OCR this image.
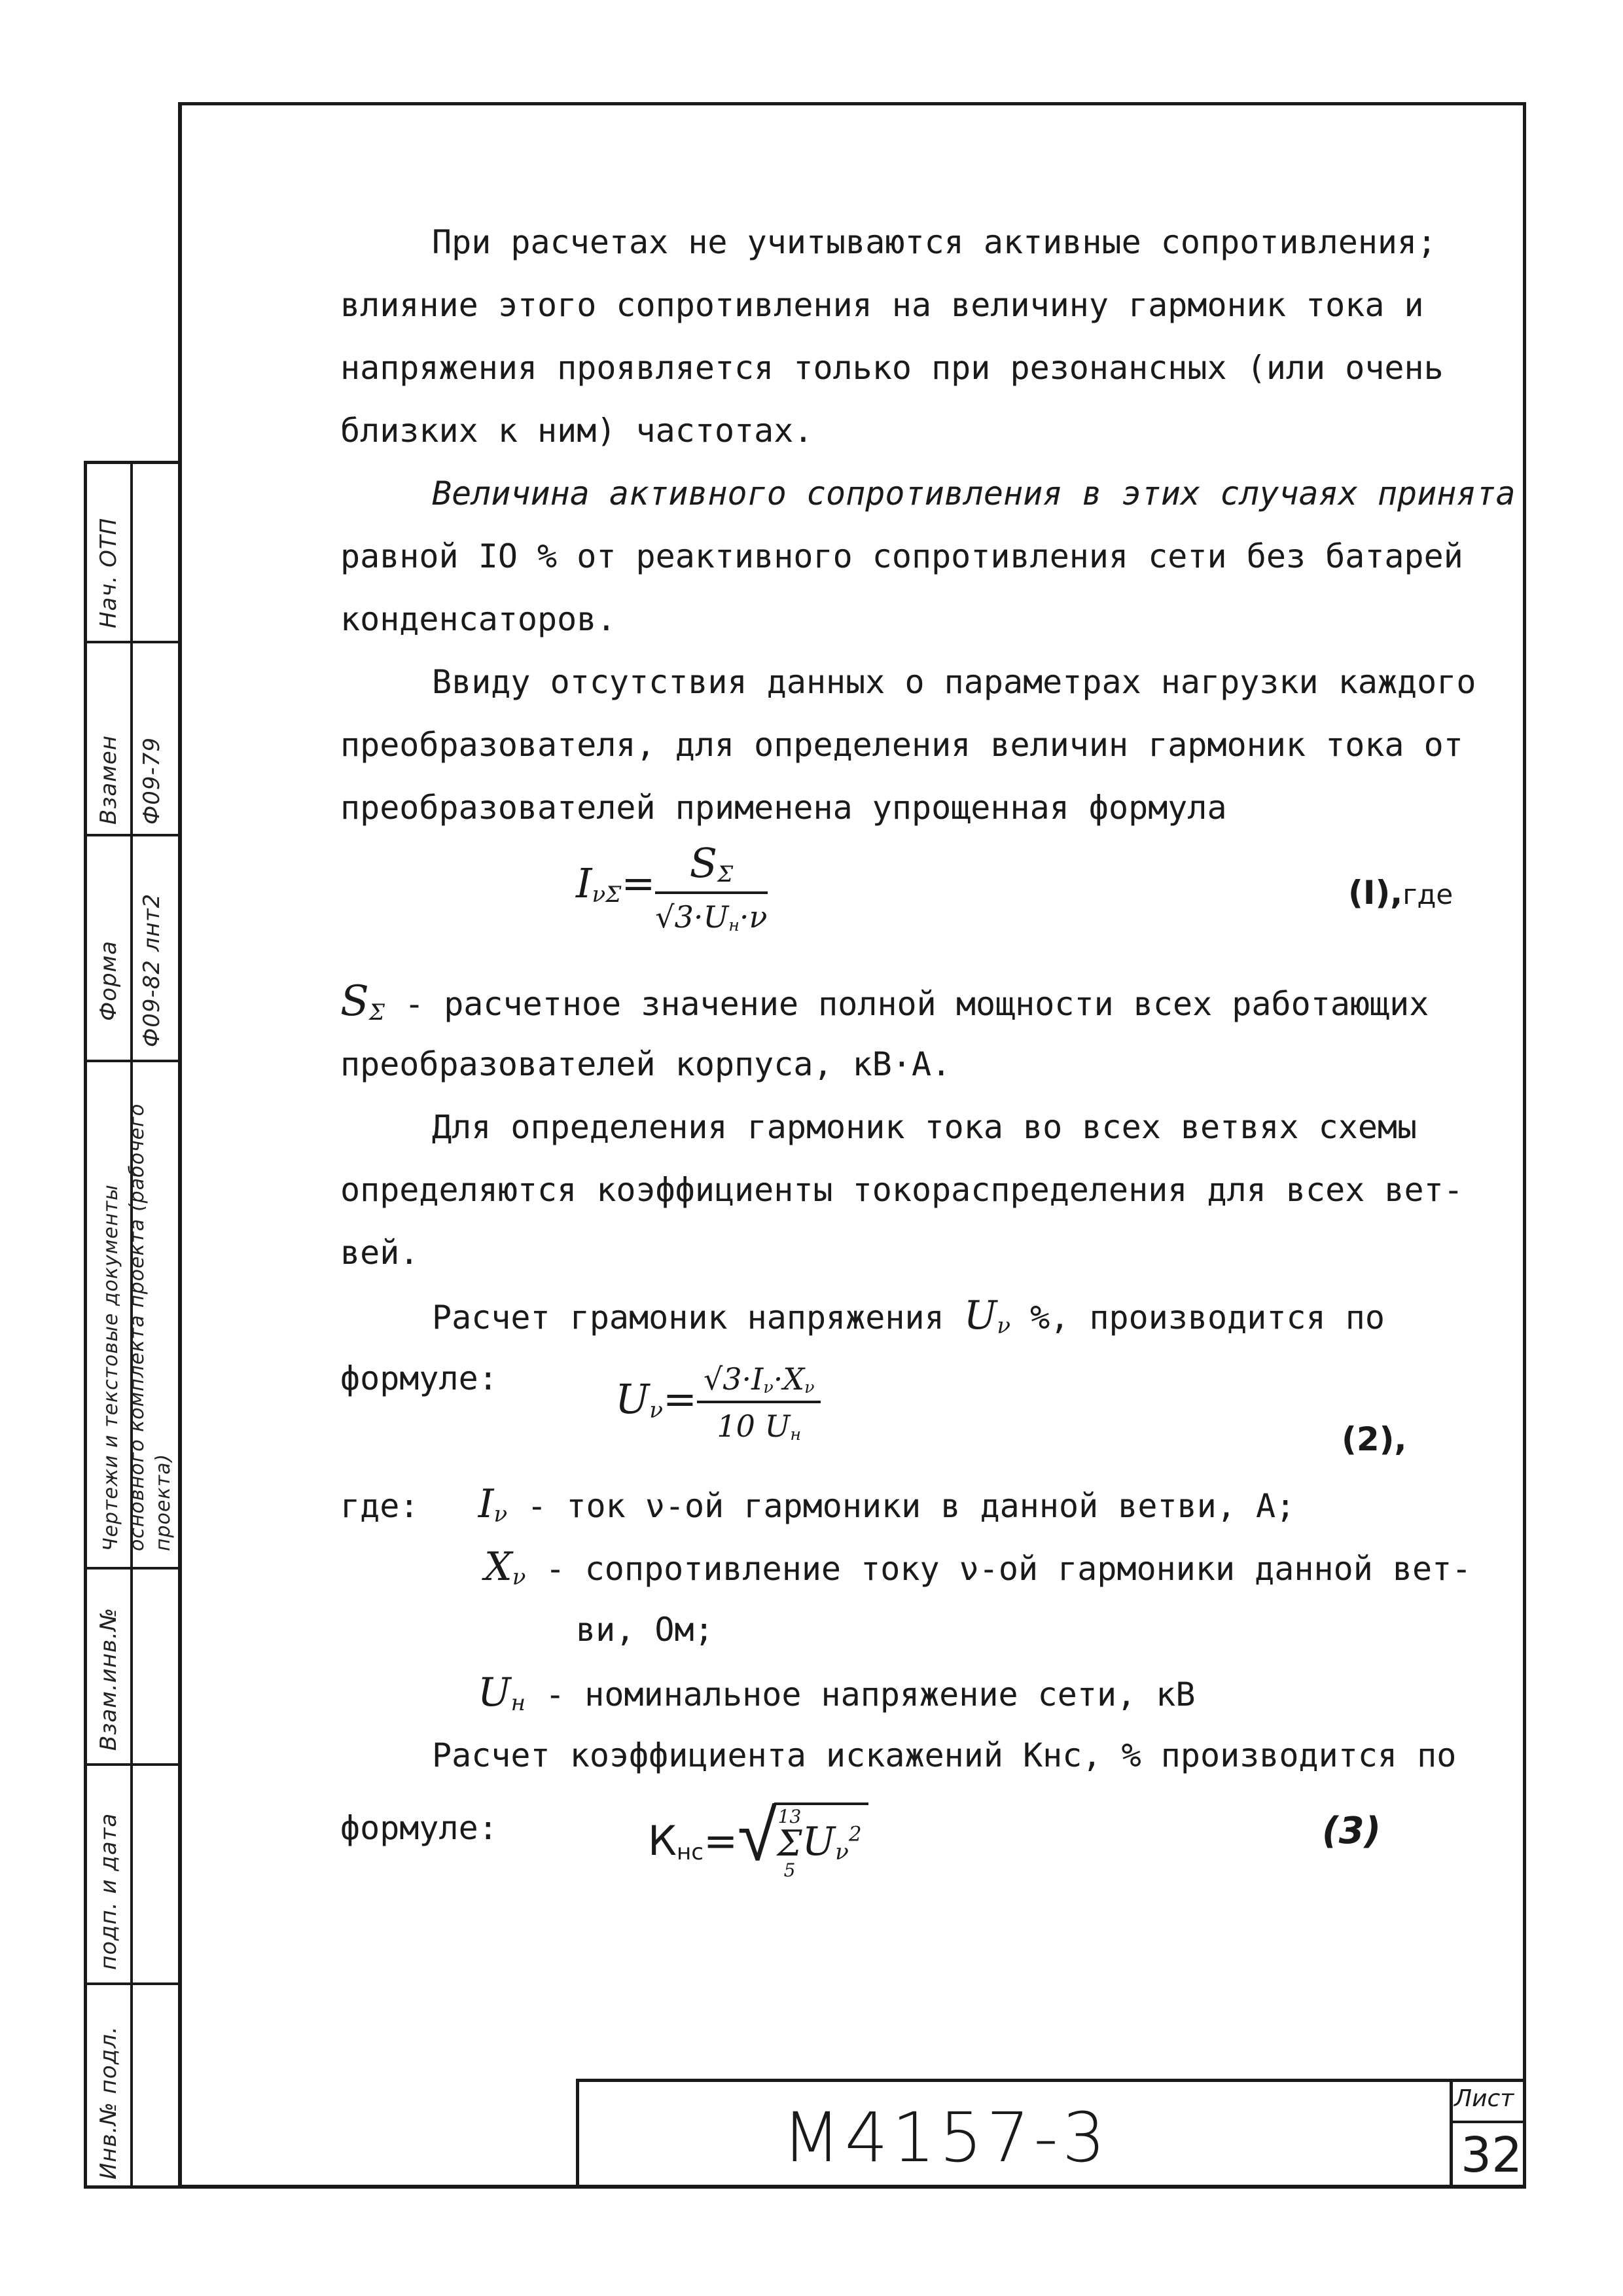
Нач. ОТП
Взамен Ф09-79
Форма Ф09-82 лнт2
Чертежи и текстовые документы основного комплекта проекта (рабочего проекта)
Взам.инв.№
подп. и дата
Инв.№ подл.
При расчетах не учитываются активные сопротивления;
влияние этого сопротивления на величину гармоник тока и
напряжения проявляется только при резонансных (или очень
близких к ним) частотах.
Величина активного сопротивления в этих случаях принята
равной IO % от реактивного сопротивления сети без батарей
конденсаторов.
Ввиду отсутствия данных о параметрах нагрузки каждого
преобразователя, для определения величин гармоник тока от
преобразователей применена упрощенная формула
$I_{\nu\Sigma}= \frac{S_\Sigma}{√3\cdot U_н\cdot\nu}$	(I),где
$S_\Sigma$ - расчетное значение полной мощности всех работающих
преобразователей корпуса, кВ·А.
Для определения гармоник тока во всех ветвях схемы
определяются коэффициенты токораспределения для всех вет-
вей.
Расчет грамоник напряжения $U_\nu$ %, производится по
формуле:	$U_\nu= \frac{√3\cdot I_\nu\cdot X_\nu}{10 U_н}$	(2),
где: $I_\nu$ - ток ν-ой гармоники в данной ветви, А;
$X_\nu$ - сопротивление току ν-ой гармоники данной вет-
ви, Ом;
$U_н$ - номинальное напряжение сети, кВ
Расчет коэффициента искажений Кнс, % производится по
формуле:	$К_{нс}=√$ 13
Σ
5
$U_\nu^2$	(3)
М4157-3	Лист
32
